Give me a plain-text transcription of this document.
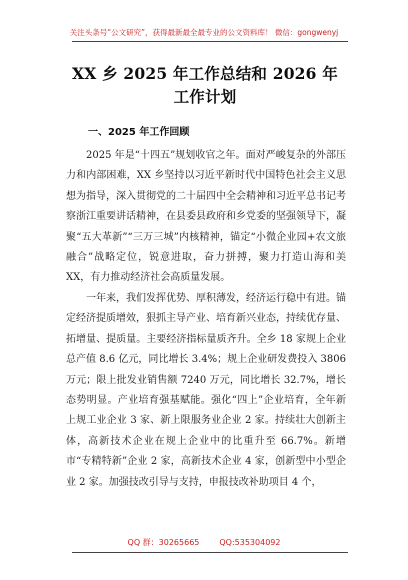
关注头条号“公文研究”，获得最新最全最专业的公文资料库！ 微信：gongwenyj
XX 乡 2025 年工作总结和 2026 年工作计划
一、2025 年工作回顾
2025 年是“十四五”规划收官之年。面对严峻复杂的外部压力和内部困难，XX 乡坚持以习近平新时代中国特色社会主义思想为指导，深入贯彻党的二十届四中全会精神和习近平总书记考察浙江重要讲话精神，在县委县政府和乡党委的坚强领导下，凝聚“五大革新”“三万三城”内核精神，锚定“小微企业园+农文旅融合”战略定位，锐意进取，奋力拼搏，聚力打造山海和美 XX，有力推动经济社会高质量发展。
一年来，我们发挥优势、厚积薄发，经济运行稳中有进。锚定经济提质增效，狠抓主导产业、培育新兴业态，持续优存量、拓增量、提质量。主要经济指标量质齐升。全乡 18 家规上企业总产值 8.6 亿元，同比增长 3.4%；规上企业研发费投入 3806 万元；限上批发业销售额 7240 万元，同比增长 32.7%，增长态势明显。产业培育强基赋能。强化“四上”企业培育，全年新上规工业企业 3 家、新上限服务业企业 2 家。持续壮大创新主体，高新技术企业在规上企业中的比重升至 66.7%。新增市“专精特新”企业 2 家，高新技术企业 4 家，创新型中小型企业 2 家。加强技改引导与支持，申报技改补助项目 4 个，
QQ 群：30265665	QQ:535304092
